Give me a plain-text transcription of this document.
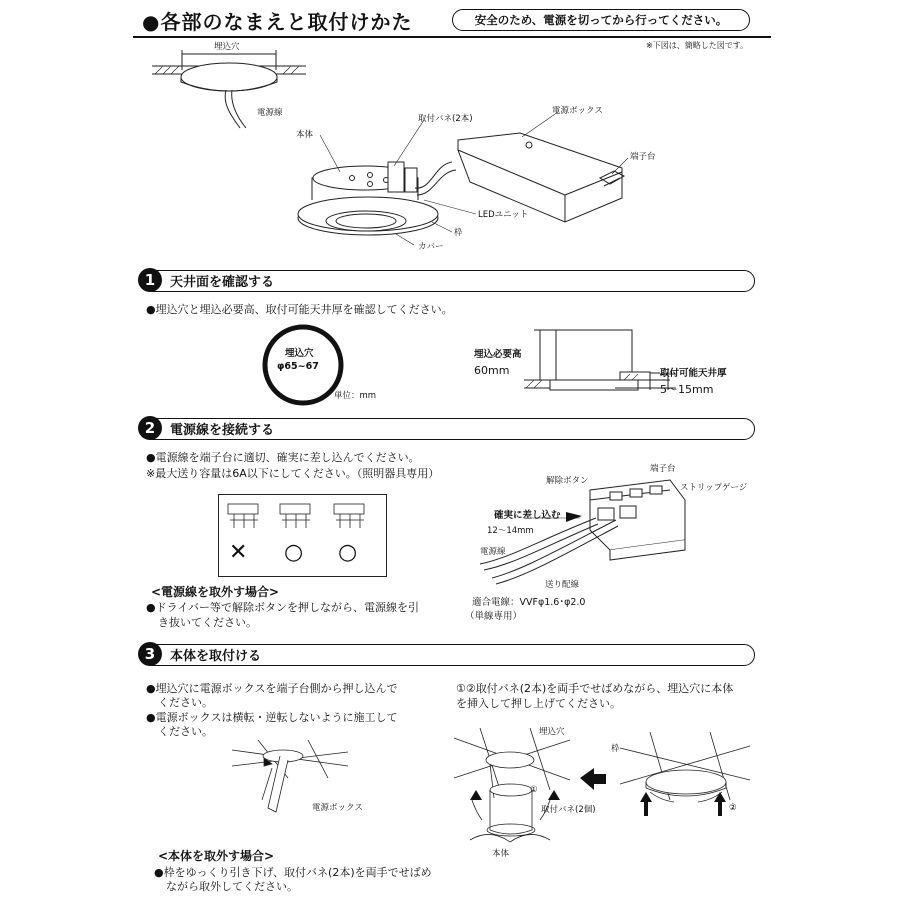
●各部のなまえと取付けかた	安全のため、電源を切ってから行ってください。
※下図は、簡略した図です。
埋込穴
電源線
本体
取付バネ(2本)
電源ボックス
端子台
LEDユニット
枠
カバー
1	天井面を確認する
●埋込穴と埋込必要高、取付可能天井厚を確認してください。
埋込穴
φ65~67
単位：mm
埋込必要高
60mm	取付可能天井厚
5～15mm
2	電源線を接続する
●電源線を端子台に適切、確実に差し込んでください。
※最大送り容量は6A以下にしてください。（照明器具専用）
✕ ○ ○
解除ボタン
端子台
ストリップゲージ
確実に差し込む
12～14mm
電源線
送り配線
適合電線：VVFφ1.6･φ2.0
（単線専用）
<電源線を取外す場合>
●ドライバー等で解除ボタンを押しながら、電源線を引
き抜いてください。
3	本体を取付ける
●埋込穴に電源ボックスを端子台側から押し込んで
ください。
●電源ボックスは横転・逆転しないように施工して
ください。
電源ボックス
①②取付バネ(2本)を両手でせばめながら、埋込穴に本体
を挿入して押し上げてください。
埋込穴
枠
①
取付バネ(2個)
本体
②
<本体を取外す場合>
●枠をゆっくり引き下げ、取付バネ(2本)を両手でせばめ
ながら取外してください。
